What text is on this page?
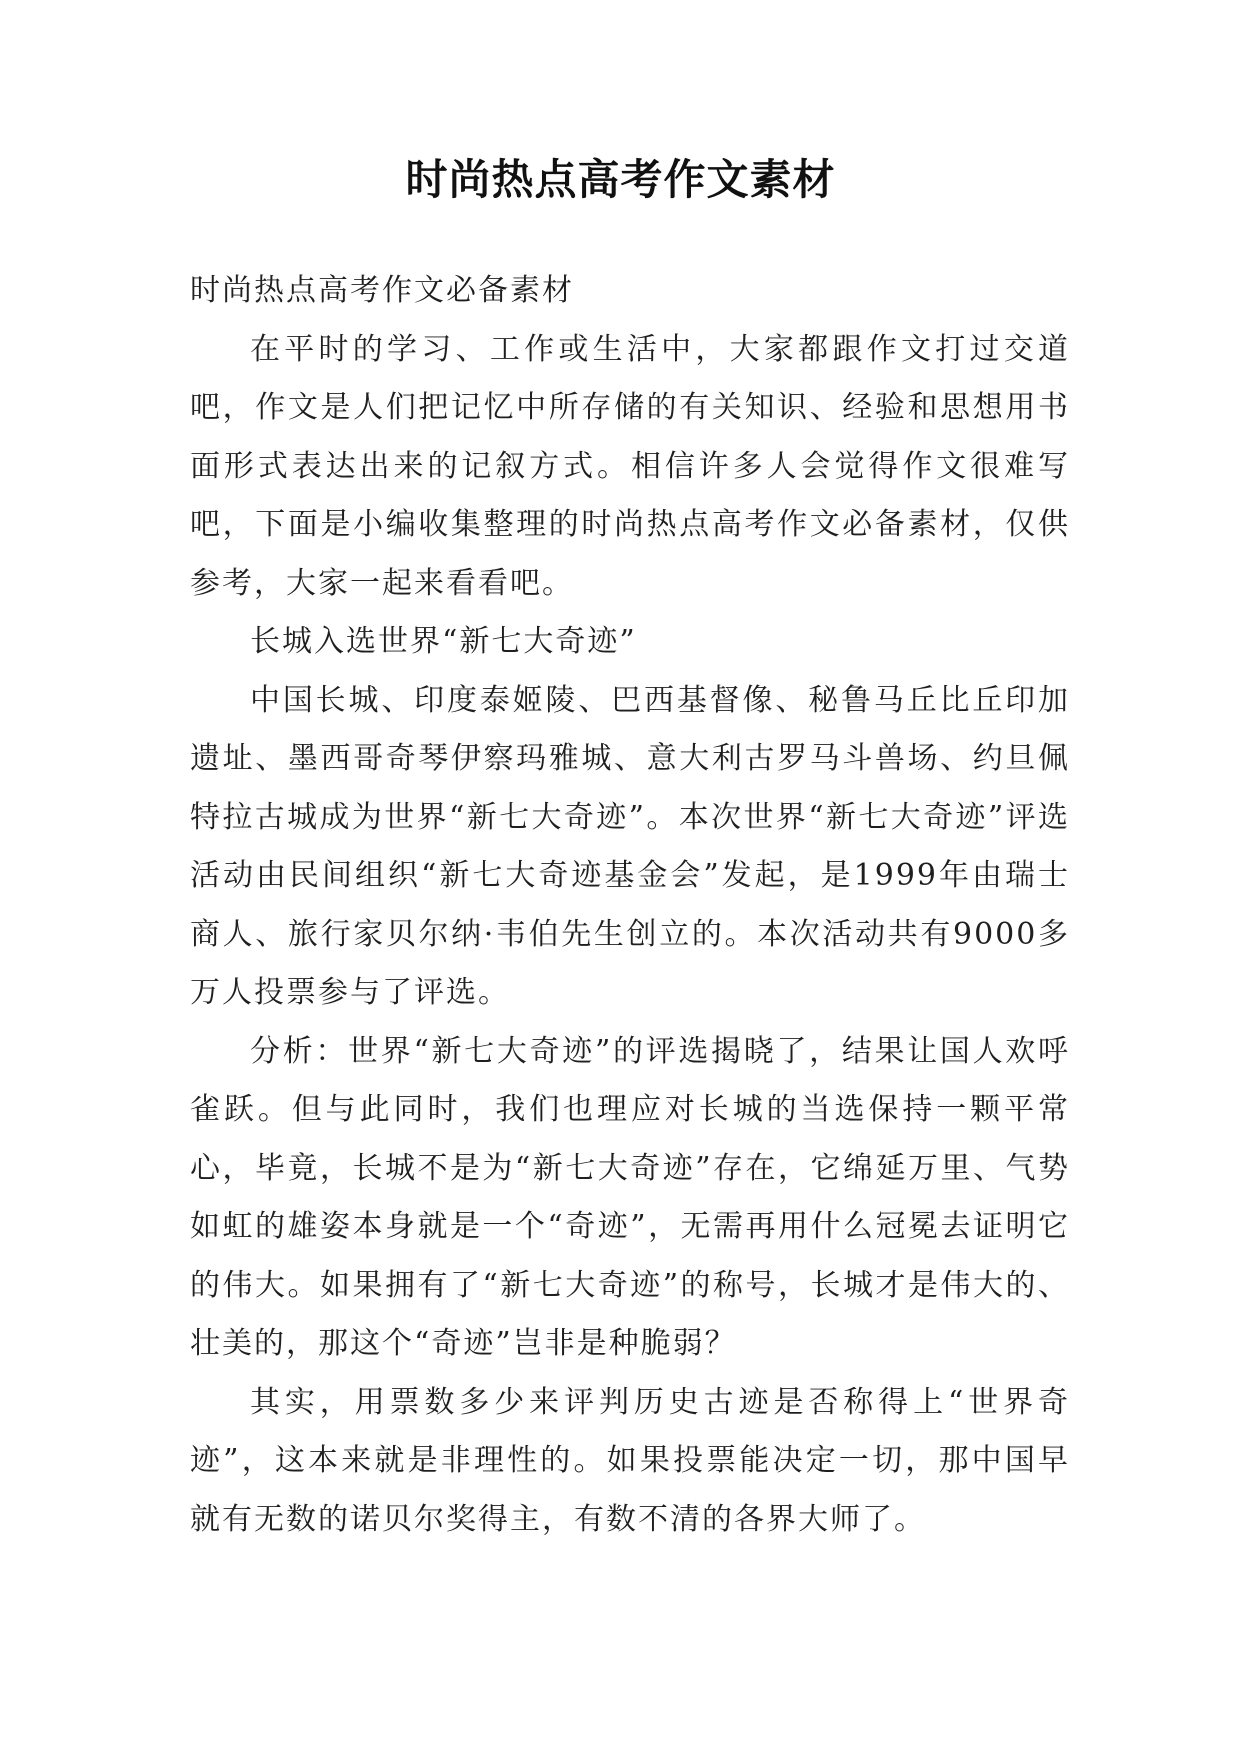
时尚热点高考作文素材

时尚热点高考作文必备素材

在平时的学习、工作或生活中，大家都跟作文打过交道吧，作文是人们把记忆中所存储的有关知识、经验和思想用书面形式表达出来的记叙方式。相信许多人会觉得作文很难写吧，下面是小编收集整理的时尚热点高考作文必备素材，仅供参考，大家一起来看看吧。

长城入选世界“新七大奇迹”

中国长城、印度泰姬陵、巴西基督像、秘鲁马丘比丘印加遗址、墨西哥奇琴伊察玛雅城、意大利古罗马斗兽场、约旦佩特拉古城成为世界“新七大奇迹”。本次世界“新七大奇迹”评选活动由民间组织“新七大奇迹基金会”发起，是1999年由瑞士商人、旅行家贝尔纳·韦伯先生创立的。本次活动共有9000多万人投票参与了评选。

分析：世界“新七大奇迹”的评选揭晓了，结果让国人欢呼雀跃。但与此同时，我们也理应对长城的当选保持一颗平常心，毕竟，长城不是为“新七大奇迹”存在，它绵延万里、气势如虹的雄姿本身就是一个“奇迹”，无需再用什么冠冕去证明它的伟大。如果拥有了“新七大奇迹”的称号，长城才是伟大的、壮美的，那这个“奇迹”岂非是种脆弱？

其实，用票数多少来评判历史古迹是否称得上“世界奇迹”，这本来就是非理性的。如果投票能决定一切，那中国早就有无数的诺贝尔奖得主，有数不清的各界大师了。
